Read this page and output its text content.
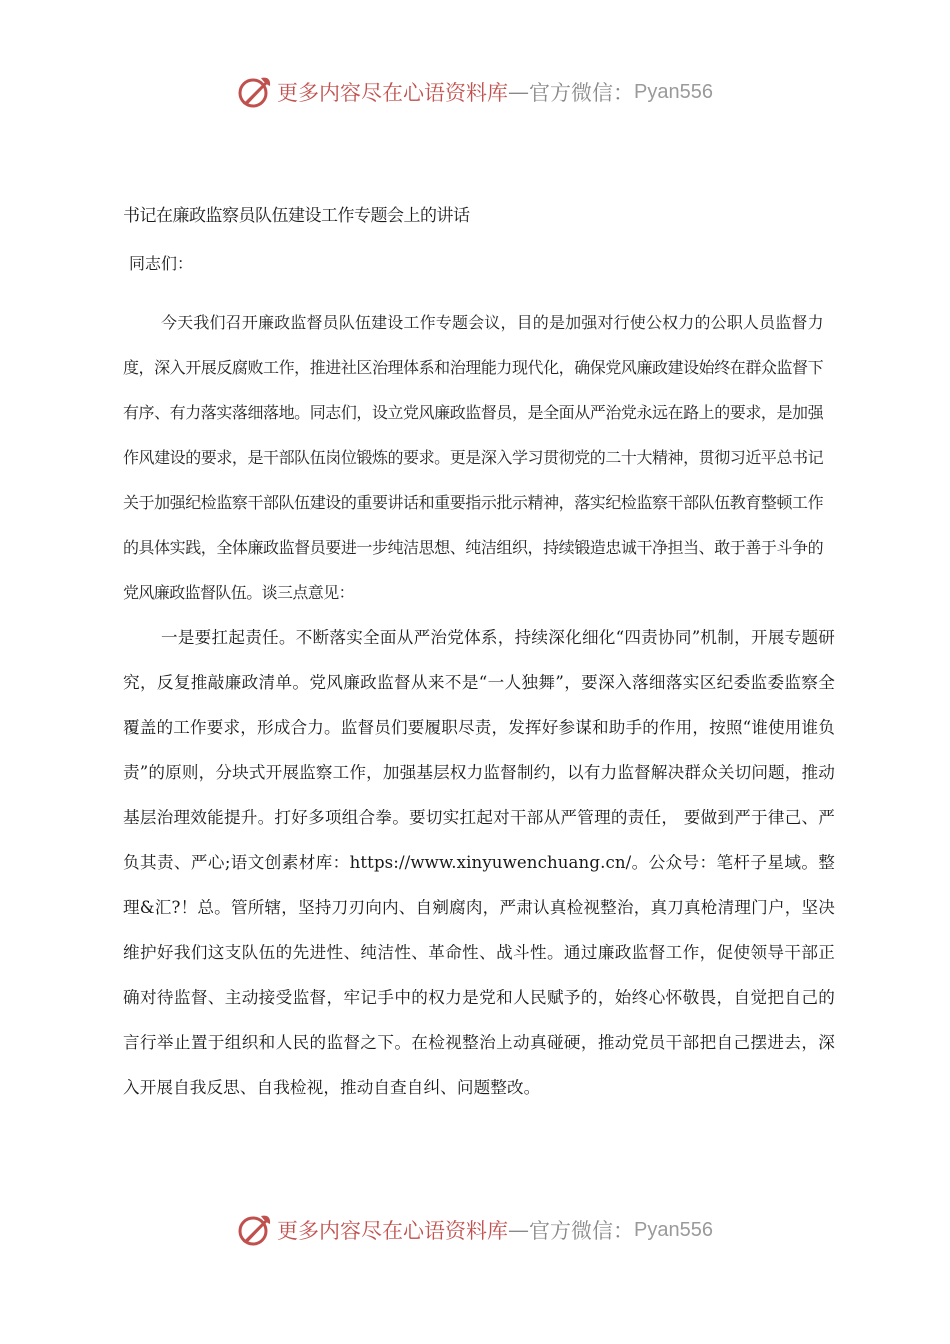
更多内容尽在心语资料库 — 官方微信： Pyan556
书记在廉政监察员队伍建设工作专题会上的讲话
同志们：

今天我们召开廉政监督员队伍建设工作专题会议，目的是加强对行使公权力的公职人员监督力度，深入开展反腐败工作，推进社区治理体系和治理能力现代化，确保党风廉政建设始终在群众监督下有序、有力落实落细落地。同志们，设立党风廉政监督员，是全面从严治党永远在路上的要求，是加强作风建设的要求，是干部队伍岗位锻炼的要求。更是深入学习贯彻党的二十大精神，贯彻习近平总书记关于加强纪检监察干部队伍建设的重要讲话和重要指示批示精神，落实纪检监察干部队伍教育整顿工作的具体实践，全体廉政监督员要进一步纯洁思想、纯洁组织，持续锻造忠诚干净担当、敢于善于斗争的党风廉政监督队伍。谈三点意见：

一是要扛起责任。不断落实全面从严治党体系，持续深化细化“四责协同”机制，开展专题研究，反复推敲廉政清单。党风廉政监督从来不是“一人独舞”，要深入落细落实区纪委监委监察全覆盖的工作要求，形成合力。监督员们要履职尽责，发挥好参谋和助手的作用，按照“谁使用谁负责”的原则，分块式开展监察工作，加强基层权力监督制约，以有力监督解决群众关切问题，推动基层治理效能提升。打好多项组合拳。要切实扛起对干部从严管理的责任， 要做到严于律己、严负其责、严心;语文创素材库：https://www.xinyuwenchuang.cn/。公众号：笔杆子星域。整理&汇?！总。管所辖，坚持刀刃向内、自剜腐肉，严肃认真检视整治，真刀真枪清理门户，坚决维护好我们这支队伍的先进性、纯洁性、革命性、战斗性。通过廉政监督工作，促使领导干部正确对待监督、主动接受监督，牢记手中的权力是党和人民赋予的，始终心怀敬畏，自觉把自己的言行举止置于组织和人民的监督之下。在检视整治上动真碰硬，推动党员干部把自己摆进去，深入开展自我反思、自我检视，推动自查自纠、问题整改。

更多内容尽在心语资料库 — 官方微信： Pyan556
